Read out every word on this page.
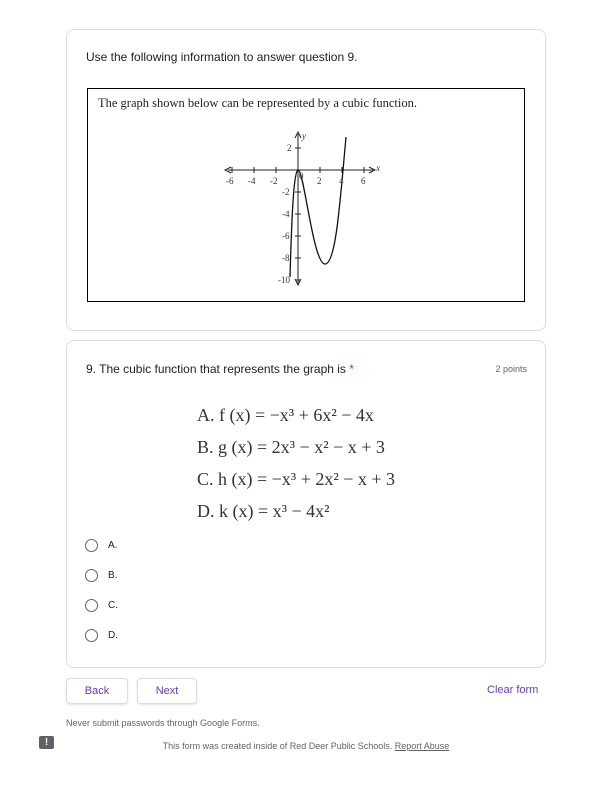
Use the following information to answer question 9.
The graph shown below can be represented by a cubic function.
y
x
-6 -4 -2 0 2 4 6
2
-2
-4
-6
-8
-10
9. The cubic function that represents the graph is *	2 points
A. f (x) = −x³ + 6x² − 4x
B. g (x) = 2x³ − x² − x + 3
C. h (x) = −x³ + 2x² − x + 3
D. k (x) = x³ − 4x²
A.
B.
C.
D.
Back	Next	Clear form
Never submit passwords through Google Forms.
!	This form was created inside of Red Deer Public Schools. Report Abuse
